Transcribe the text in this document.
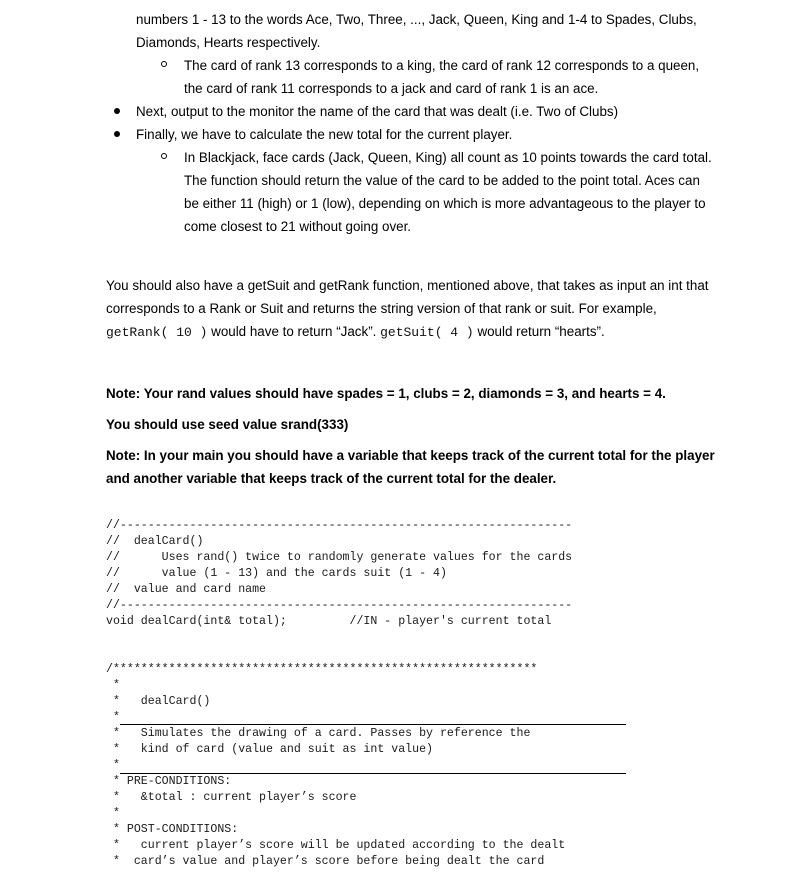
numbers 1 - 13 to the words Ace, Two, Three, ..., Jack, Queen, King and 1-4 to Spades, Clubs,
Diamonds, Hearts respectively.
The card of rank 13 corresponds to a king, the card of rank 12 corresponds to a queen,
the card of rank 11 corresponds to a jack and card of rank 1 is an ace.
Next, output to the monitor the name of the card that was dealt (i.e. Two of Clubs)
Finally, we have to calculate the new total for the current player.
In Blackjack, face cards (Jack, Queen, King) all count as 10 points towards the card total.
The function should return the value of the card to be added to the point total. Aces can
be either 11 (high) or 1 (low), depending on which is more advantageous to the player to
come closest to 21 without going over.
You should also have a getSuit and getRank function, mentioned above, that takes as input an int that
corresponds to a Rank or Suit and returns the string version of that rank or suit. For example,
getRank( 10 ) would have to return “Jack”. getSuit( 4 ) would return “hearts”.
Note: Your rand values should have spades = 1, clubs = 2, diamonds = 3, and hearts = 4.
You should use seed value srand(333)
Note: In your main you should have a variable that keeps track of the current total for the player
and another variable that keeps track of the current total for the dealer.
//-----------------------------------------------------------------
//  dealCard()
//      Uses rand() twice to randomly generate values for the cards
//      value (1 - 13) and the cards suit (1 - 4)
//  value and card name
//-----------------------------------------------------------------
void dealCard(int& total);         //IN - player's current total
/*************************************************************
*
*   dealCard()
*
*   Simulates the drawing of a card. Passes by reference the
*   kind of card (value and suit as int value)
*
* PRE-CONDITIONS:
*   &total : current player’s score
*
* POST-CONDITIONS:
*   current player’s score will be updated according to the dealt
*  card’s value and player’s score before being dealt the card
